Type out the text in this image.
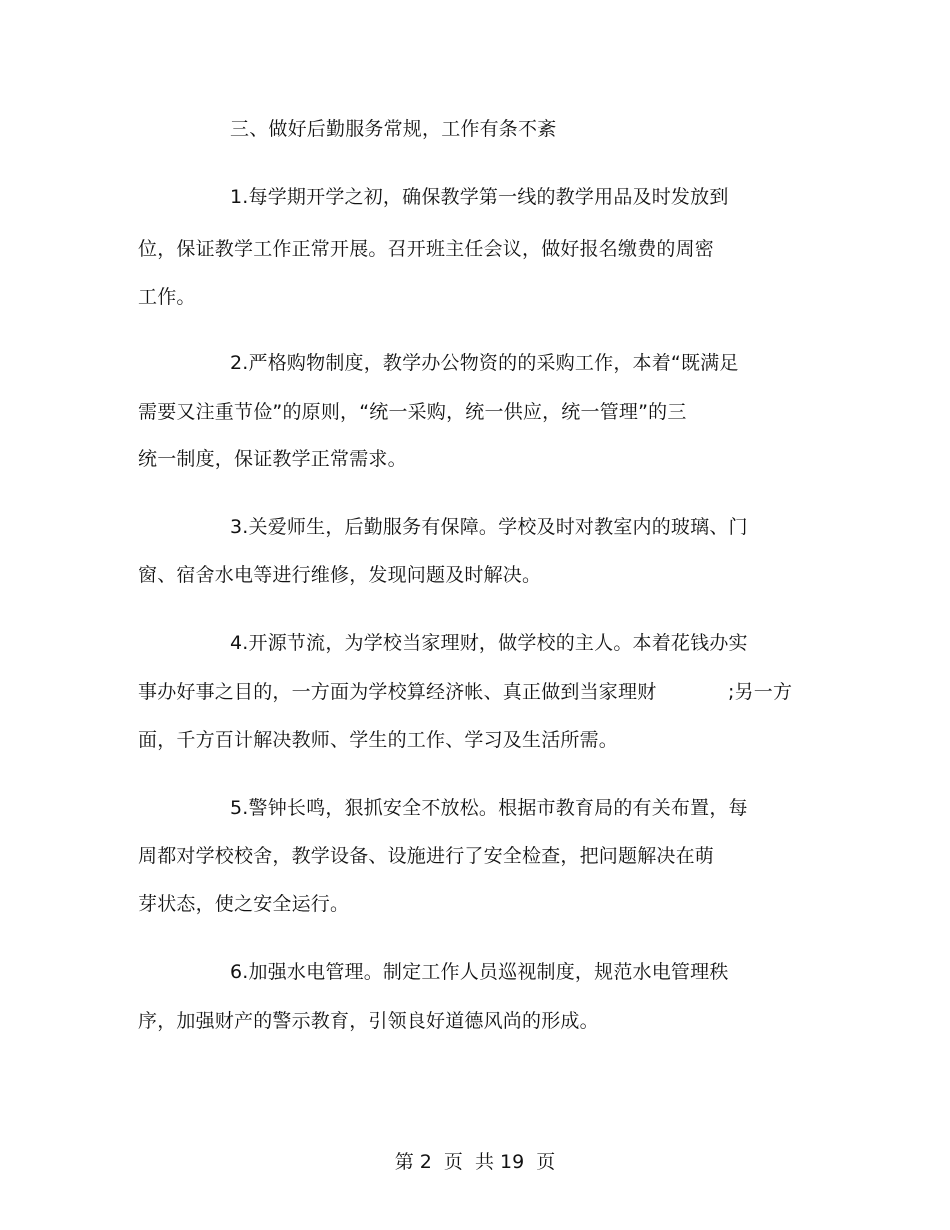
三、做好后勤服务常规，工作有条不紊
1.每学期开学之初，确保教学第一线的教学用品及时发放到
位，保证教学工作正常开展。召开班主任会议，做好报名缴费的周密
工作。
2.严格购物制度，教学办公物资的的采购工作，本着“既满足
需要又注重节俭”的原则，“统一采购，统一供应，统一管理”的三
统一制度，保证教学正常需求。
3.关爱师生，后勤服务有保障。学校及时对教室内的玻璃、门
窗、宿舍水电等进行维修，发现问题及时解决。
4.开源节流，为学校当家理财，做学校的主人。本着花钱办实
事办好事之目的，一方面为学校算经济帐、真正做到当家理财	;另一方
面，千方百计解决教师、学生的工作、学习及生活所需。
5.警钟长鸣，狠抓安全不放松。根据市教育局的有关布置，每
周都对学校校舍，教学设备、设施进行了安全检查，把问题解决在萌
芽状态，使之安全运行。
6.加强水电管理。制定工作人员巡视制度，规范水电管理秩
序，加强财产的警示教育，引领良好道德风尚的形成。
第 2  页  共 19  页
